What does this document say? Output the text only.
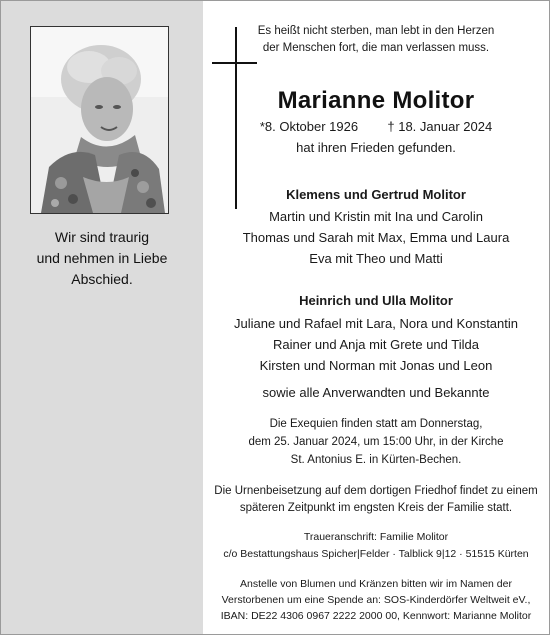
Wir sind traurig
und nehmen in Liebe
Abschied.
Es heißt nicht sterben, man lebt in den Herzen
der Menschen fort, die man verlassen muss.
Marianne Molitor
*8. Oktober 1926 † 18. Januar 2024
hat ihren Frieden gefunden.
Klemens und Gertrud Molitor
Martin und Kristin mit Ina und Carolin
Thomas und Sarah mit Max, Emma und Laura
Eva mit Theo und Matti
Heinrich und Ulla Molitor
Juliane und Rafael mit Lara, Nora und Konstantin
Rainer und Anja mit Grete und Tilda
Kirsten und Norman mit Jonas und Leon
sowie alle Anverwandten und Bekannte
Die Exequien finden statt am Donnerstag,
dem 25. Januar 2024, um 15:00 Uhr, in der Kirche
St. Antonius E. in Kürten-Bechen.
Die Urnenbeisetzung auf dem dortigen Friedhof findet zu einem
späteren Zeitpunkt im engsten Kreis der Familie statt.
Traueranschrift: Familie Molitor
c/o Bestattungshaus Spicher|Felder · Talblick 9|12 · 51515 Kürten
Anstelle von Blumen und Kränzen bitten wir im Namen der
Verstorbenen um eine Spende an: SOS-Kinderdörfer Weltweit eV.,
IBAN: DE22 4306 0967 2222 2000 00, Kennwort: Marianne Molitor
